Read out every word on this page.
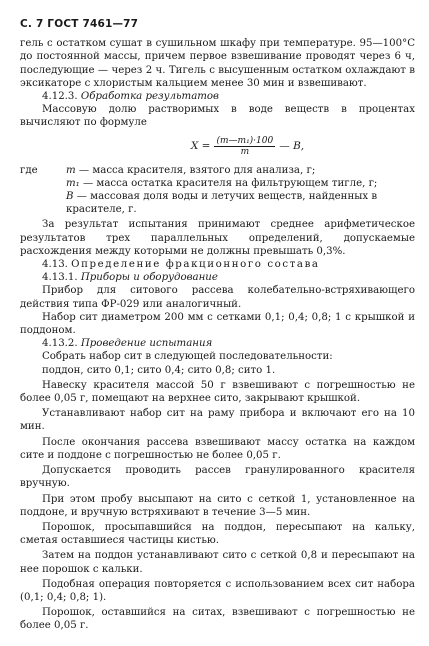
С. 7 ГОСТ 7461—77

гель с остатком сушат в сушильном шкафу при температуре. 95—100°С до постоянной массы, причем первое взвешивание проводят через 6 ч, последующие — через 2 ч. Тигель с высушенным остатком охлаждают в эксикаторе с хлористым кальцием менее 30 мин и взвешивают.

4.12.3. Обработка результатов

Массовую долю растворимых в воде веществ в процентах вычисляют по формуле

$X = \frac{\text{(m—m₁)·100}}{m}$ — B,
где	m — масса красителя, взятого для анализа, г;
m₁ — масса остатка красителя на фильтрующем тигле, г;
B — массовая доля воды и летучих веществ, найденных в красителе, г.

За результат испытания принимают среднее арифметическое результатов трех параллельных определений, допускаемые расхождения между которыми не должны превышать 0,3%.

4.13. Определение фракционного состава

4.13.1. Приборы и оборудование

Прибор для ситового рассева колебательно-встряхивающего действия типа ФР-029 или аналогичный.

Набор сит диаметром 200 мм с сетками 0,1; 0,4; 0,8; 1 с крышкой и поддоном.

4.13.2. Проведение испытания

Собрать набор сит в следующей последовательности:

поддон, сито 0,1; сито 0,4; сито 0,8; сито 1.

Навеску красителя массой 50 г взвешивают с погрешностью не более 0,05 г, помещают на верхнее сито, закрывают крышкой.

Устанавливают набор сит на раму прибора и включают его на 10 мин.

После окончания рассева взвешивают массу остатка на каждом сите и поддоне с погрешностью не более 0,05 г.

Допускается проводить рассев гранулированного красителя вручную.

При этом пробу высыпают на сито с сеткой 1, установленное на поддоне, и вручную встряхивают в течение 3—5 мин.

Порошок, просыпавшийся на поддон, пересыпают на кальку, сметая оставшиеся частицы кистью.

Затем на поддон устанавливают сито с сеткой 0,8 и пересыпают на нее порошок с кальки.

Подобная операция повторяется с использованием всех сит набора (0,1; 0,4; 0,8; 1).

Порошок, оставшийся на ситах, взвешивают с погрешностью не более 0,05 г.
